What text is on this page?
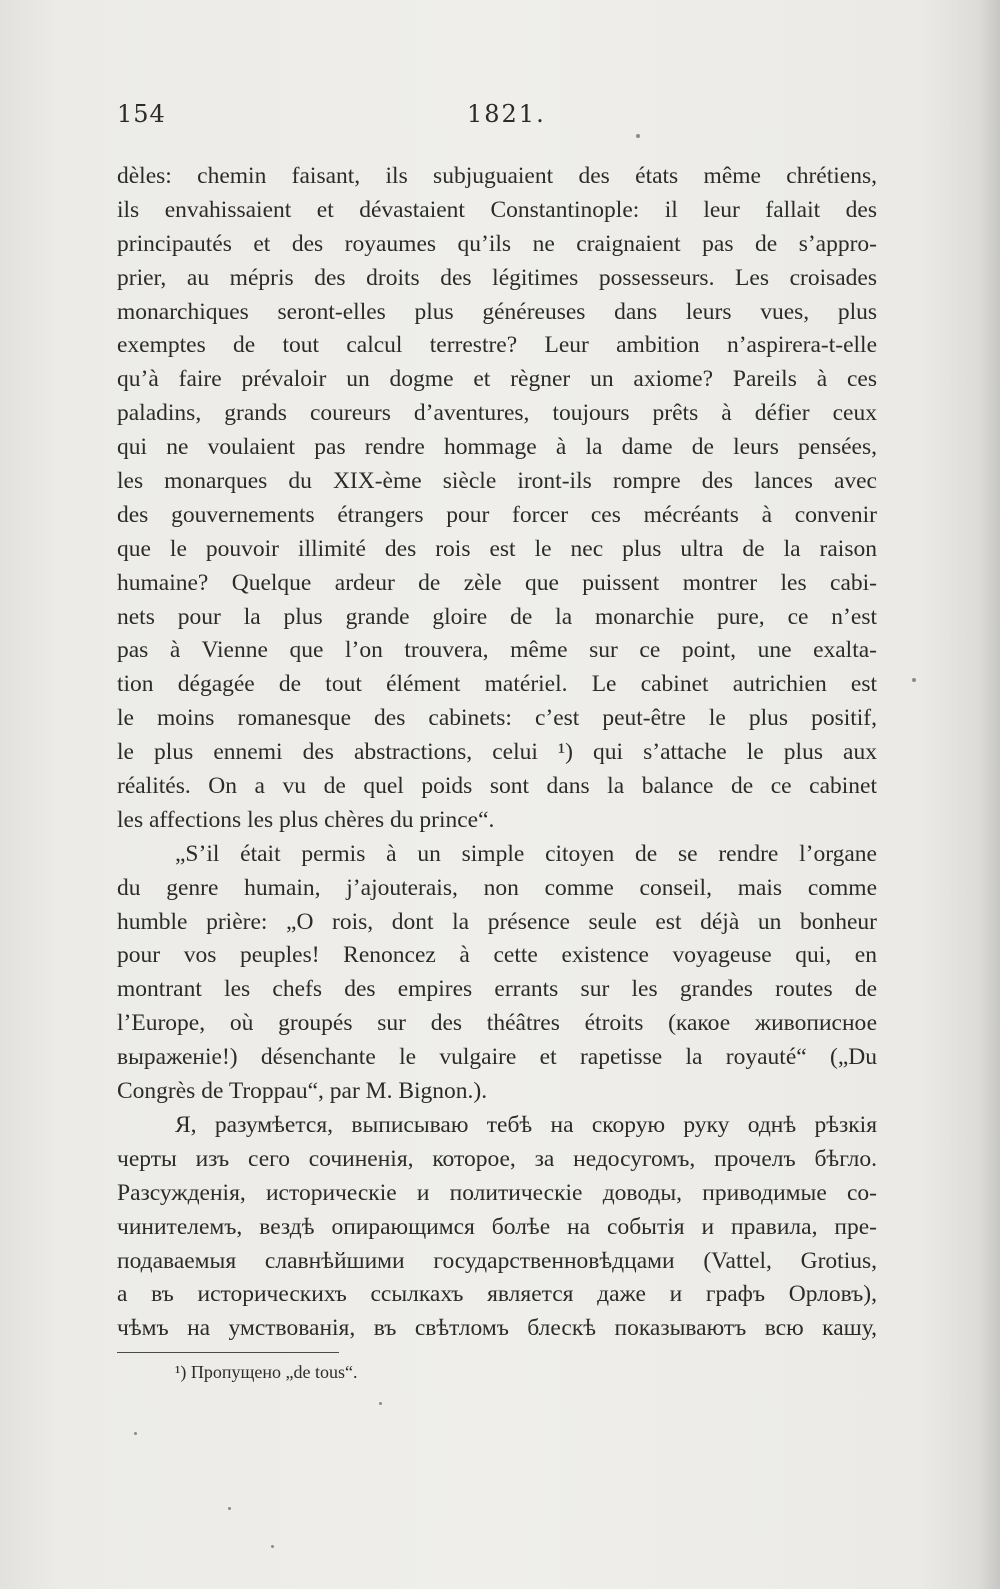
154	1821.
dèles: chemin faisant, ils subjuguaient des états même chrétiens,
ils envahissaient et dévastaient Constantinople: il leur fallait des
principautés et des royaumes qu’ils ne craignaient pas de s’appro-
prier, au mépris des droits des légitimes possesseurs. Les croisades
monarchiques seront-elles plus généreuses dans leurs vues, plus
exemptes de tout calcul terrestre? Leur ambition n’aspirera-t-elle
qu’à faire prévaloir un dogme et règner un axiome? Pareils à ces
paladins, grands coureurs d’aventures, toujours prêts à défier ceux
qui ne voulaient pas rendre hommage à la dame de leurs pensées,
les monarques du XIX-ème siècle iront-ils rompre des lances avec
des gouvernements étrangers pour forcer ces mécréants à convenir
que le pouvoir illimité des rois est le nec plus ultra de la raison
humaine? Quelque ardeur de zèle que puissent montrer les cabi-
nets pour la plus grande gloire de la monarchie pure, ce n’est
pas à Vienne que l’on trouvera, même sur ce point, une exalta-
tion dégagée de tout élément matériel. Le cabinet autrichien est
le moins romanesque des cabinets: c’est peut-être le plus positif,
le plus ennemi des abstractions, celui ¹) qui s’attache le plus aux
réalités. On a vu de quel poids sont dans la balance de ce cabinet
les affections les plus chères du prince“.
„S’il était permis à un simple citoyen de se rendre l’organe
du genre humain, j’ajouterais, non comme conseil, mais comme
humble prière: „O rois, dont la présence seule est déjà un bonheur
pour vos peuples! Renoncez à cette existence voyageuse qui, en
montrant les chefs des empires errants sur les grandes routes de
l’Europe, où groupés sur des théâtres étroits (какое живописное
выраженіе!) désenchante le vulgaire et rapetisse la royauté“ („Du
Congrès de Troppau“, par M. Bignon.).
Я, разумѣется, выписываю тебѣ на скорую руку однѣ рѣзкія
черты изъ сего сочиненія, которое, за недосугомъ, прочелъ бѣгло.
Разсужденія, историческіе и политическіе доводы, приводимые со-
чинителемъ, вездѣ опирающимся болѣе на событія и правила, пре-
подаваемыя славнѣйшими государственновѣдцами (Vattel, Grotius,
а въ историческихъ ссылкахъ является даже и графъ Орловъ),
чѣмъ на умствованія, въ свѣтломъ блескѣ показываютъ всю кашу,
¹) Пропущено „de tous“.
